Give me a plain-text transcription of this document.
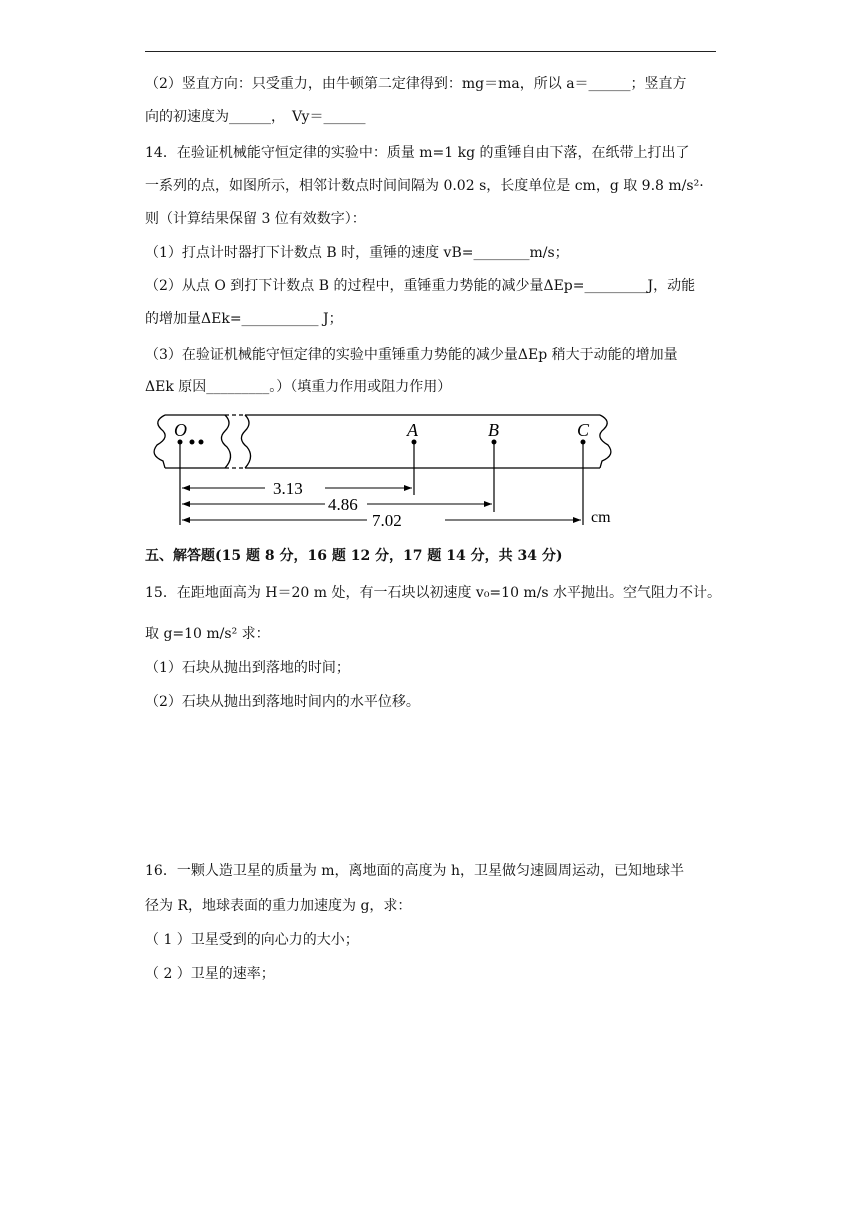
（2）竖直方向：只受重力，由牛顿第二定律得到：mg＝ma，所以 a＝______；竖直方
向的初速度为______，　Vy＝______
14．在验证机械能守恒定律的实验中：质量 m=1 kg 的重锤自由下落，在纸带上打出了
一系列的点，如图所示，相邻计数点时间间隔为 0.02 s，长度单位是 cm，g 取 9.8 m/s²·
则（计算结果保留 3 位有效数字）：
（1）打点计时器打下计数点 B 时，重锤的速度 vB=________m/s；
（2）从点 O 到打下计数点 B 的过程中，重锤重力势能的减少量ΔEp=_________J，动能
的增加量ΔEk=___________ J；
（3）在验证机械能守恒定律的实验中重锤重力势能的减少量ΔEp 稍大于动能的增加量
ΔEk 原因_________。）（填重力作用或阻力作用）
O	A	B	C
3.13
4.86
7.02	cm
五、解答题(15 题 8 分，16 题 12 分，17 题 14 分，共 34 分)
15．在距地面高为 H＝20 m 处，有一石块以初速度 v₀=10 m/s 水平抛出。空气阻力不计。
取 g=10 m/s² 求：
（1）石块从抛出到落地的时间；
（2）石块从抛出到落地时间内的水平位移。
16．一颗人造卫星的质量为 m，离地面的高度为 h，卫星做匀速圆周运动，已知地球半
径为 R，地球表面的重力加速度为 g，求：
（ 1 ）卫星受到的向心力的大小；
（ 2 ）卫星的速率；
